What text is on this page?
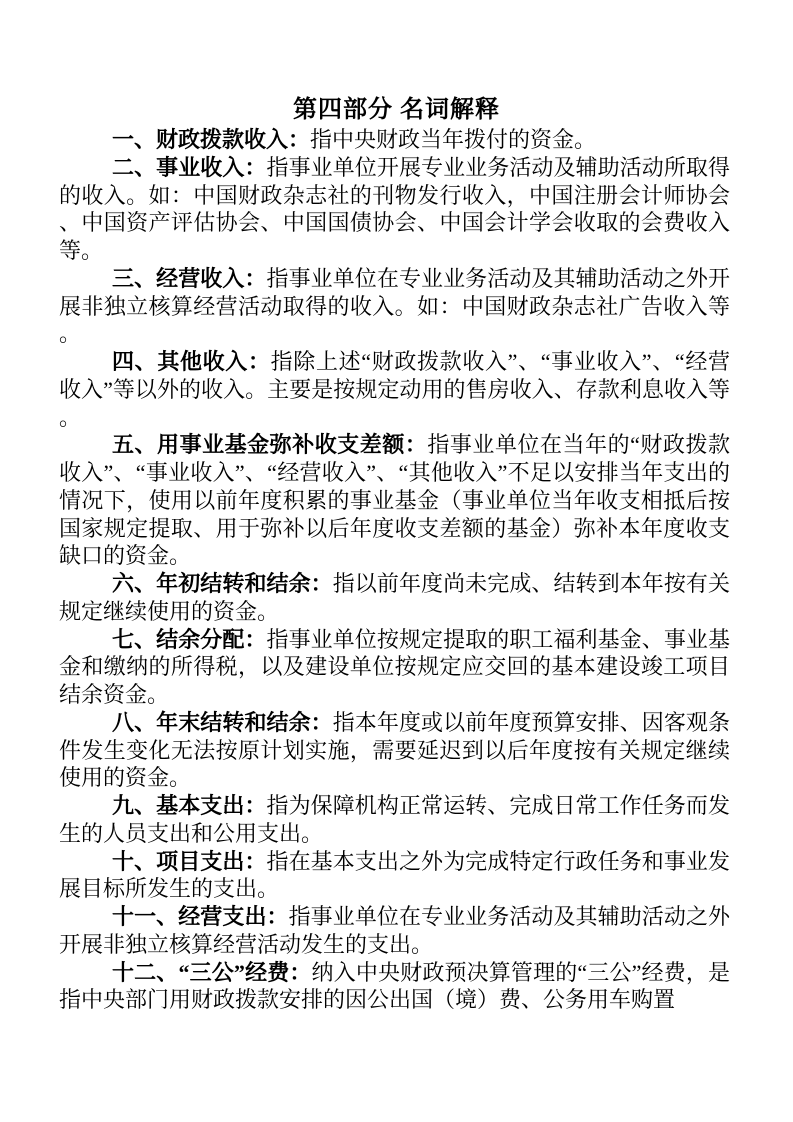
第四部分 名词解释

一、财政拨款收入：指中央财政当年拨付的资金。

二、事业收入：指事业单位开展专业业务活动及辅助活动所取得的收入。如：中国财政杂志社的刊物发行收入，中国注册会计师协会、中国资产评估协会、中国国债协会、中国会计学会收取的会费收入等。

三、经营收入：指事业单位在专业业务活动及其辅助活动之外开展非独立核算经营活动取得的收入。如：中国财政杂志社广告收入等。

四、其他收入：指除上述“财政拨款收入”、“事业收入”、“经营收入”等以外的收入。主要是按规定动用的售房收入、存款利息收入等。

五、用事业基金弥补收支差额：指事业单位在当年的“财政拨款收入”、“事业收入”、“经营收入”、“其他收入”不足以安排当年支出的情况下，使用以前年度积累的事业基金（事业单位当年收支相抵后按国家规定提取、用于弥补以后年度收支差额的基金）弥补本年度收支缺口的资金。

六、年初结转和结余：指以前年度尚未完成、结转到本年按有关规定继续使用的资金。

七、结余分配：指事业单位按规定提取的职工福利基金、事业基金和缴纳的所得税，以及建设单位按规定应交回的基本建设竣工项目结余资金。

八、年末结转和结余：指本年度或以前年度预算安排、因客观条件发生变化无法按原计划实施，需要延迟到以后年度按有关规定继续使用的资金。

九、基本支出：指为保障机构正常运转、完成日常工作任务而发生的人员支出和公用支出。

十、项目支出：指在基本支出之外为完成特定行政任务和事业发展目标所发生的支出。

十一、经营支出：指事业单位在专业业务活动及其辅助活动之外开展非独立核算经营活动发生的支出。

十二、“三公”经费：纳入中央财政预决算管理的“三公”经费，是指中央部门用财政拨款安排的因公出国（境）费、公务用车购置
